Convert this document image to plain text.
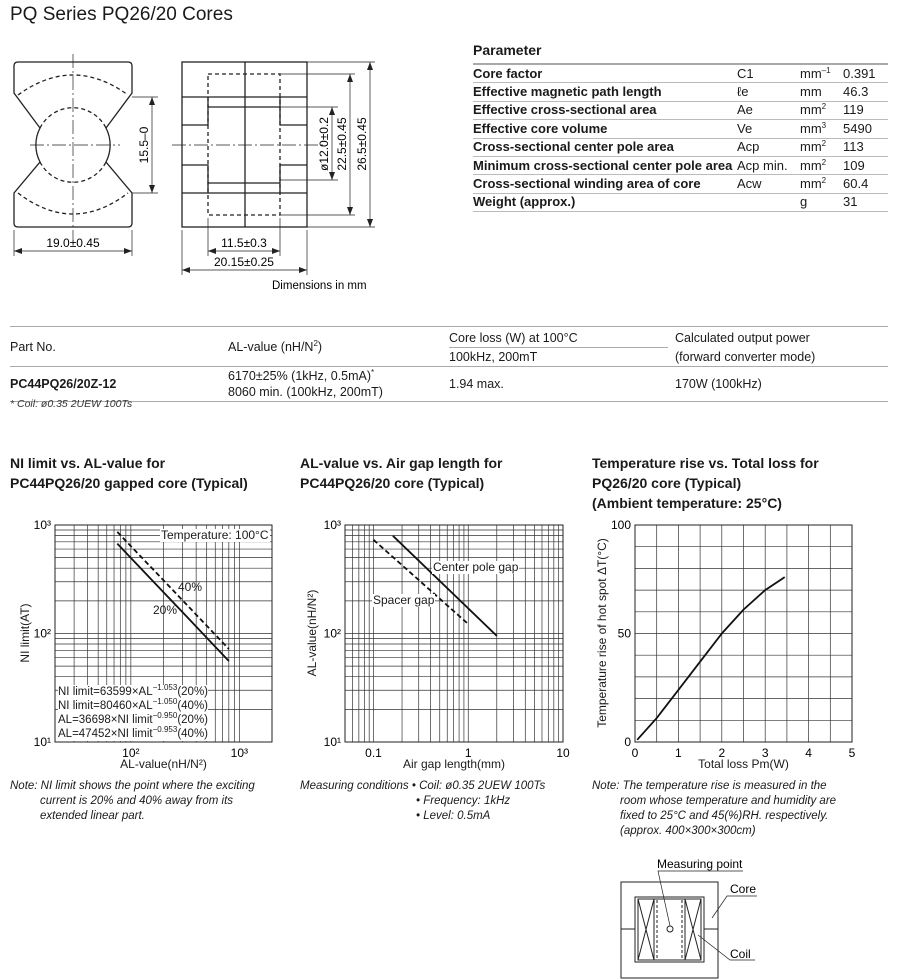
PQ Series PQ26/20 Cores
15.5–0
19.0±0.45
ø12.0±0.2 22.5±0.45 26.5±0.45
11.5±0.3
20.15±0.25
Dimensions in mm
Parameter
Core factor	C1	$mm^{-1}$	0.391
Effective magnetic path length	ℓe	mm	46.3
Effective cross-sectional area	Ae	$mm^2$	119
Effective core volume	Ve	$mm^3$	5490
Cross-sectional center pole area	Acp	$mm^2$	113
Minimum cross-sectional center pole area	Acp min.	$mm^2$	109
Cross-sectional winding area of core	Acw	$mm^2$	60.4
Weight (approx.)		g	31
Part No.	AL-value $(nH/N^2)$	Core loss (W) at 100°C	Calculated output power
		100kHz, 200mT	(forward converter mode)
PC44PQ26/20Z-12	6170±25% (1kHz, 0.5mA)*
8060 min. (100kHz, 200mT)	1.94 max.	170W (100kHz)
* Coil: ø0.35 2UEW 100Ts
NI limit vs. AL-value for
PC44PQ26/20 gapped core (Typical)
AL-value vs. Air gap length for
PC44PQ26/20 core (Typical)
Temperature rise vs. Total loss for
PQ26/20 core (Typical)
(Ambient temperature: 25°C)
10²	10³
10¹
10²
10³
0.1	1	10
10¹
10²
10³
0	1	2	3	4	5
0
50
100
Temperature: 100°C
40%
20%
NI $limit=63599\times AL^{-1.053}(20\%)$
NI $limit=80460\times AL^{-1.050}(40\%)$
AL=36698×NI limit$^{-0.950}$(20%)
AL=47452×NI limit$^{-0.953}$(40%)
Center pole gap
Spacer gap
AL-value(nH/N²)
NI limit(AT)
Air gap length(mm)
AL-value(nH/N²)
Total loss Pm(W)
Temperature rise of hot spot ΔT(°C)
Note: NI limit shows the point where the exciting
current is 20% and 40% away from its
extended linear part.
Measuring conditions • Coil: ø0.35 2UEW 100Ts
• Frequency: 1kHz
• Level: 0.5mA
Note: The temperature rise is measured in the
room whose temperature and humidity are
fixed to 25°C and 45(%)RH. respectively.
(approx. 400×300×300cm)
Measuring point
Core
Coil
